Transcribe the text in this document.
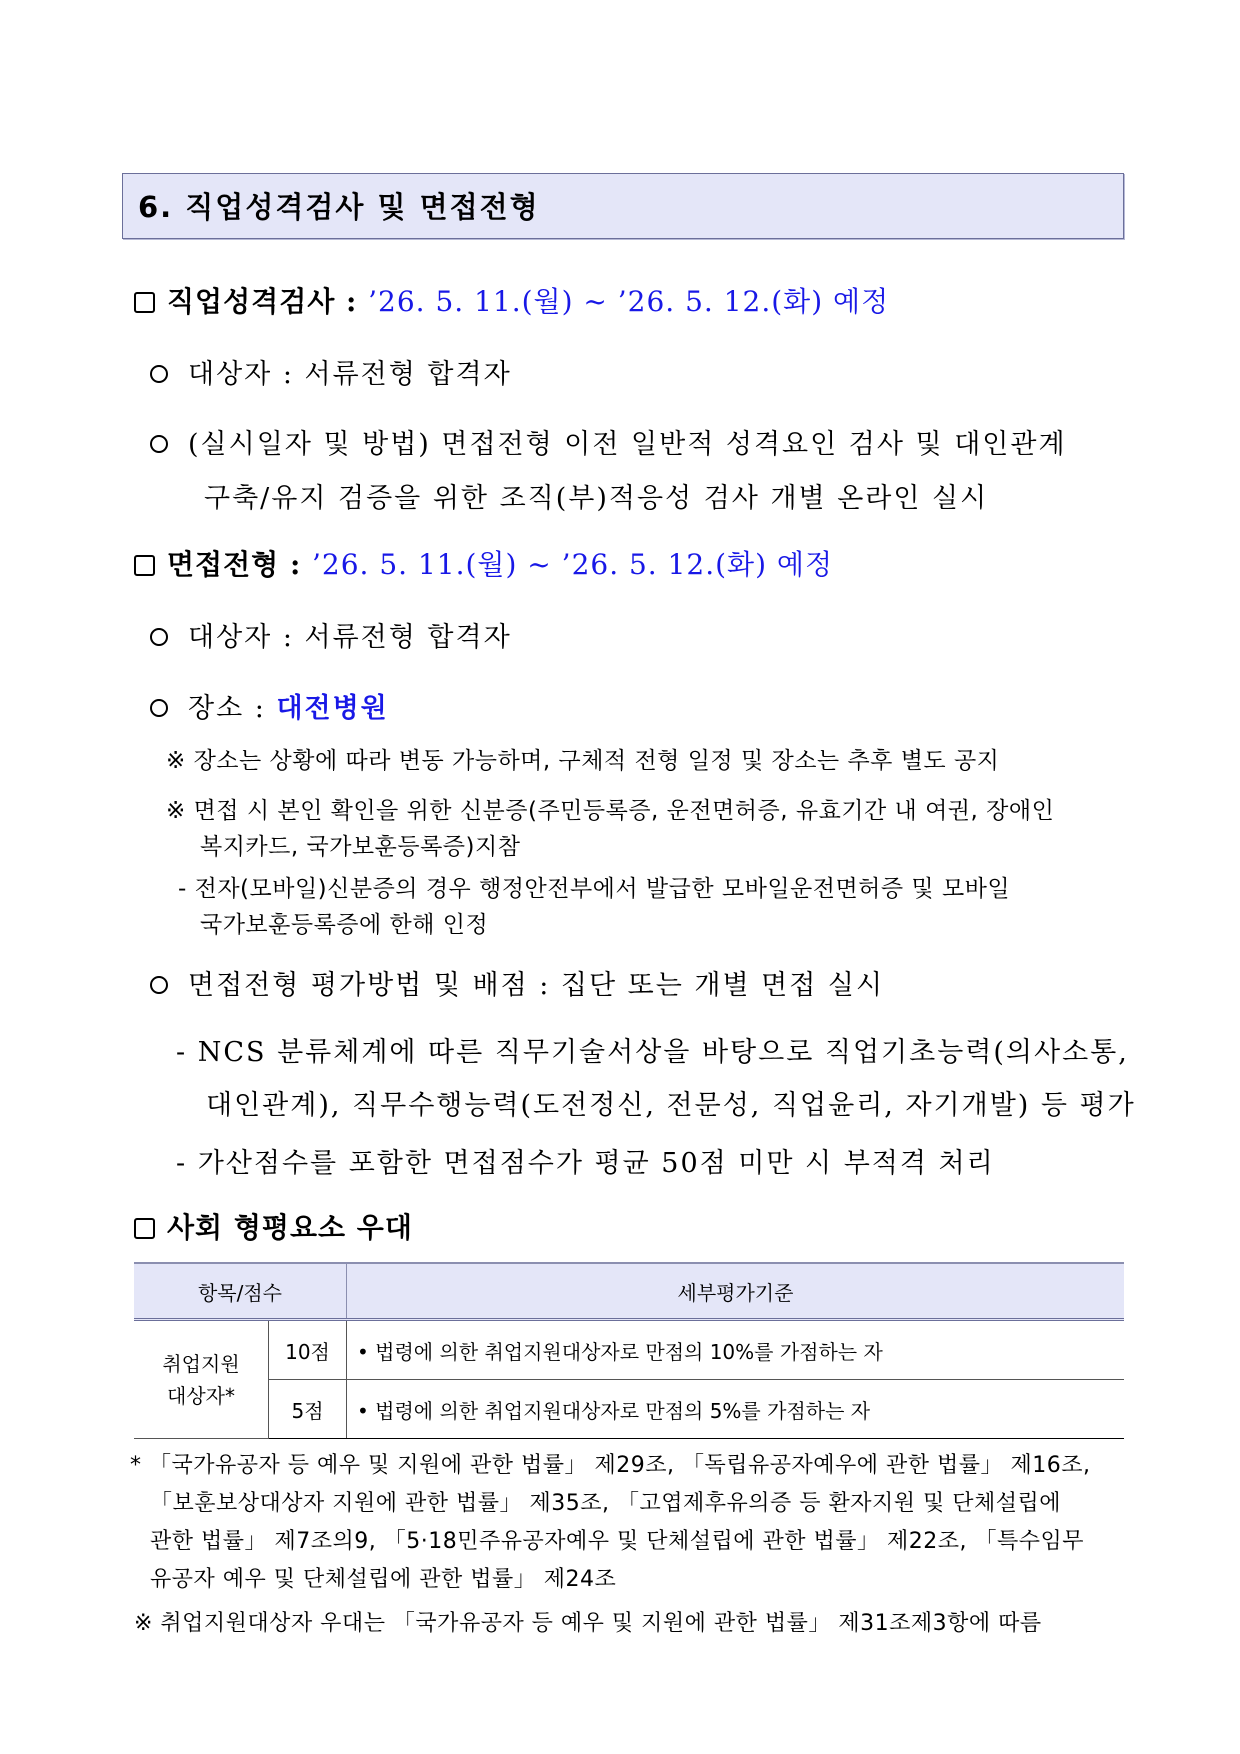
6. 직업성격검사 및 면접전형
직업성격검사 : ’26. 5. 11.(월) ~ ’26. 5. 12.(화) 예정
대상자 : 서류전형 합격자
(실시일자 및 방법) 면접전형 이전 일반적 성격요인 검사 및 대인관계
구축/유지 검증을 위한 조직(부)적응성 검사 개별 온라인 실시
면접전형 : ’26. 5. 11.(월) ~ ’26. 5. 12.(화) 예정
대상자 : 서류전형 합격자
장소 : 대전병원
※ 장소는 상황에 따라 변동 가능하며, 구체적 전형 일정 및 장소는 추후 별도 공지
※ 면접 시 본인 확인을 위한 신분증(주민등록증, 운전면허증, 유효기간 내 여권, 장애인
복지카드, 국가보훈등록증)지참
- 전자(모바일)신분증의 경우 행정안전부에서 발급한 모바일운전면허증 및 모바일
국가보훈등록증에 한해 인정
면접전형 평가방법 및 배점 : 집단 또는 개별 면접 실시
- NCS 분류체계에 따른 직무기술서상을 바탕으로 직업기초능력(의사소통,
대인관계), 직무수행능력(도전정신, 전문성, 직업윤리, 자기개발) 등 평가
- 가산점수를 포함한 면접점수가 평균 50점 미만 시 부적격 처리
사회 형평요소 우대
항목/점수		세부평가기준
취업지원
대상자*	10점	• 법령에 의한 취업지원대상자로 만점의 10%를 가점하는 자
	5점	• 법령에 의한 취업지원대상자로 만점의 5%를 가점하는 자
* 「국가유공자 등 예우 및 지원에 관한 법률」 제29조, 「독립유공자예우에 관한 법률」 제16조,
「보훈보상대상자 지원에 관한 법률」 제35조, 「고엽제후유의증 등 환자지원 및 단체설립에
관한 법률」 제7조의9, 「5·18민주유공자예우 및 단체설립에 관한 법률」 제22조, 「특수임무
유공자 예우 및 단체설립에 관한 법률」 제24조
※ 취업지원대상자 우대는 「국가유공자 등 예우 및 지원에 관한 법률」 제31조제3항에 따름
